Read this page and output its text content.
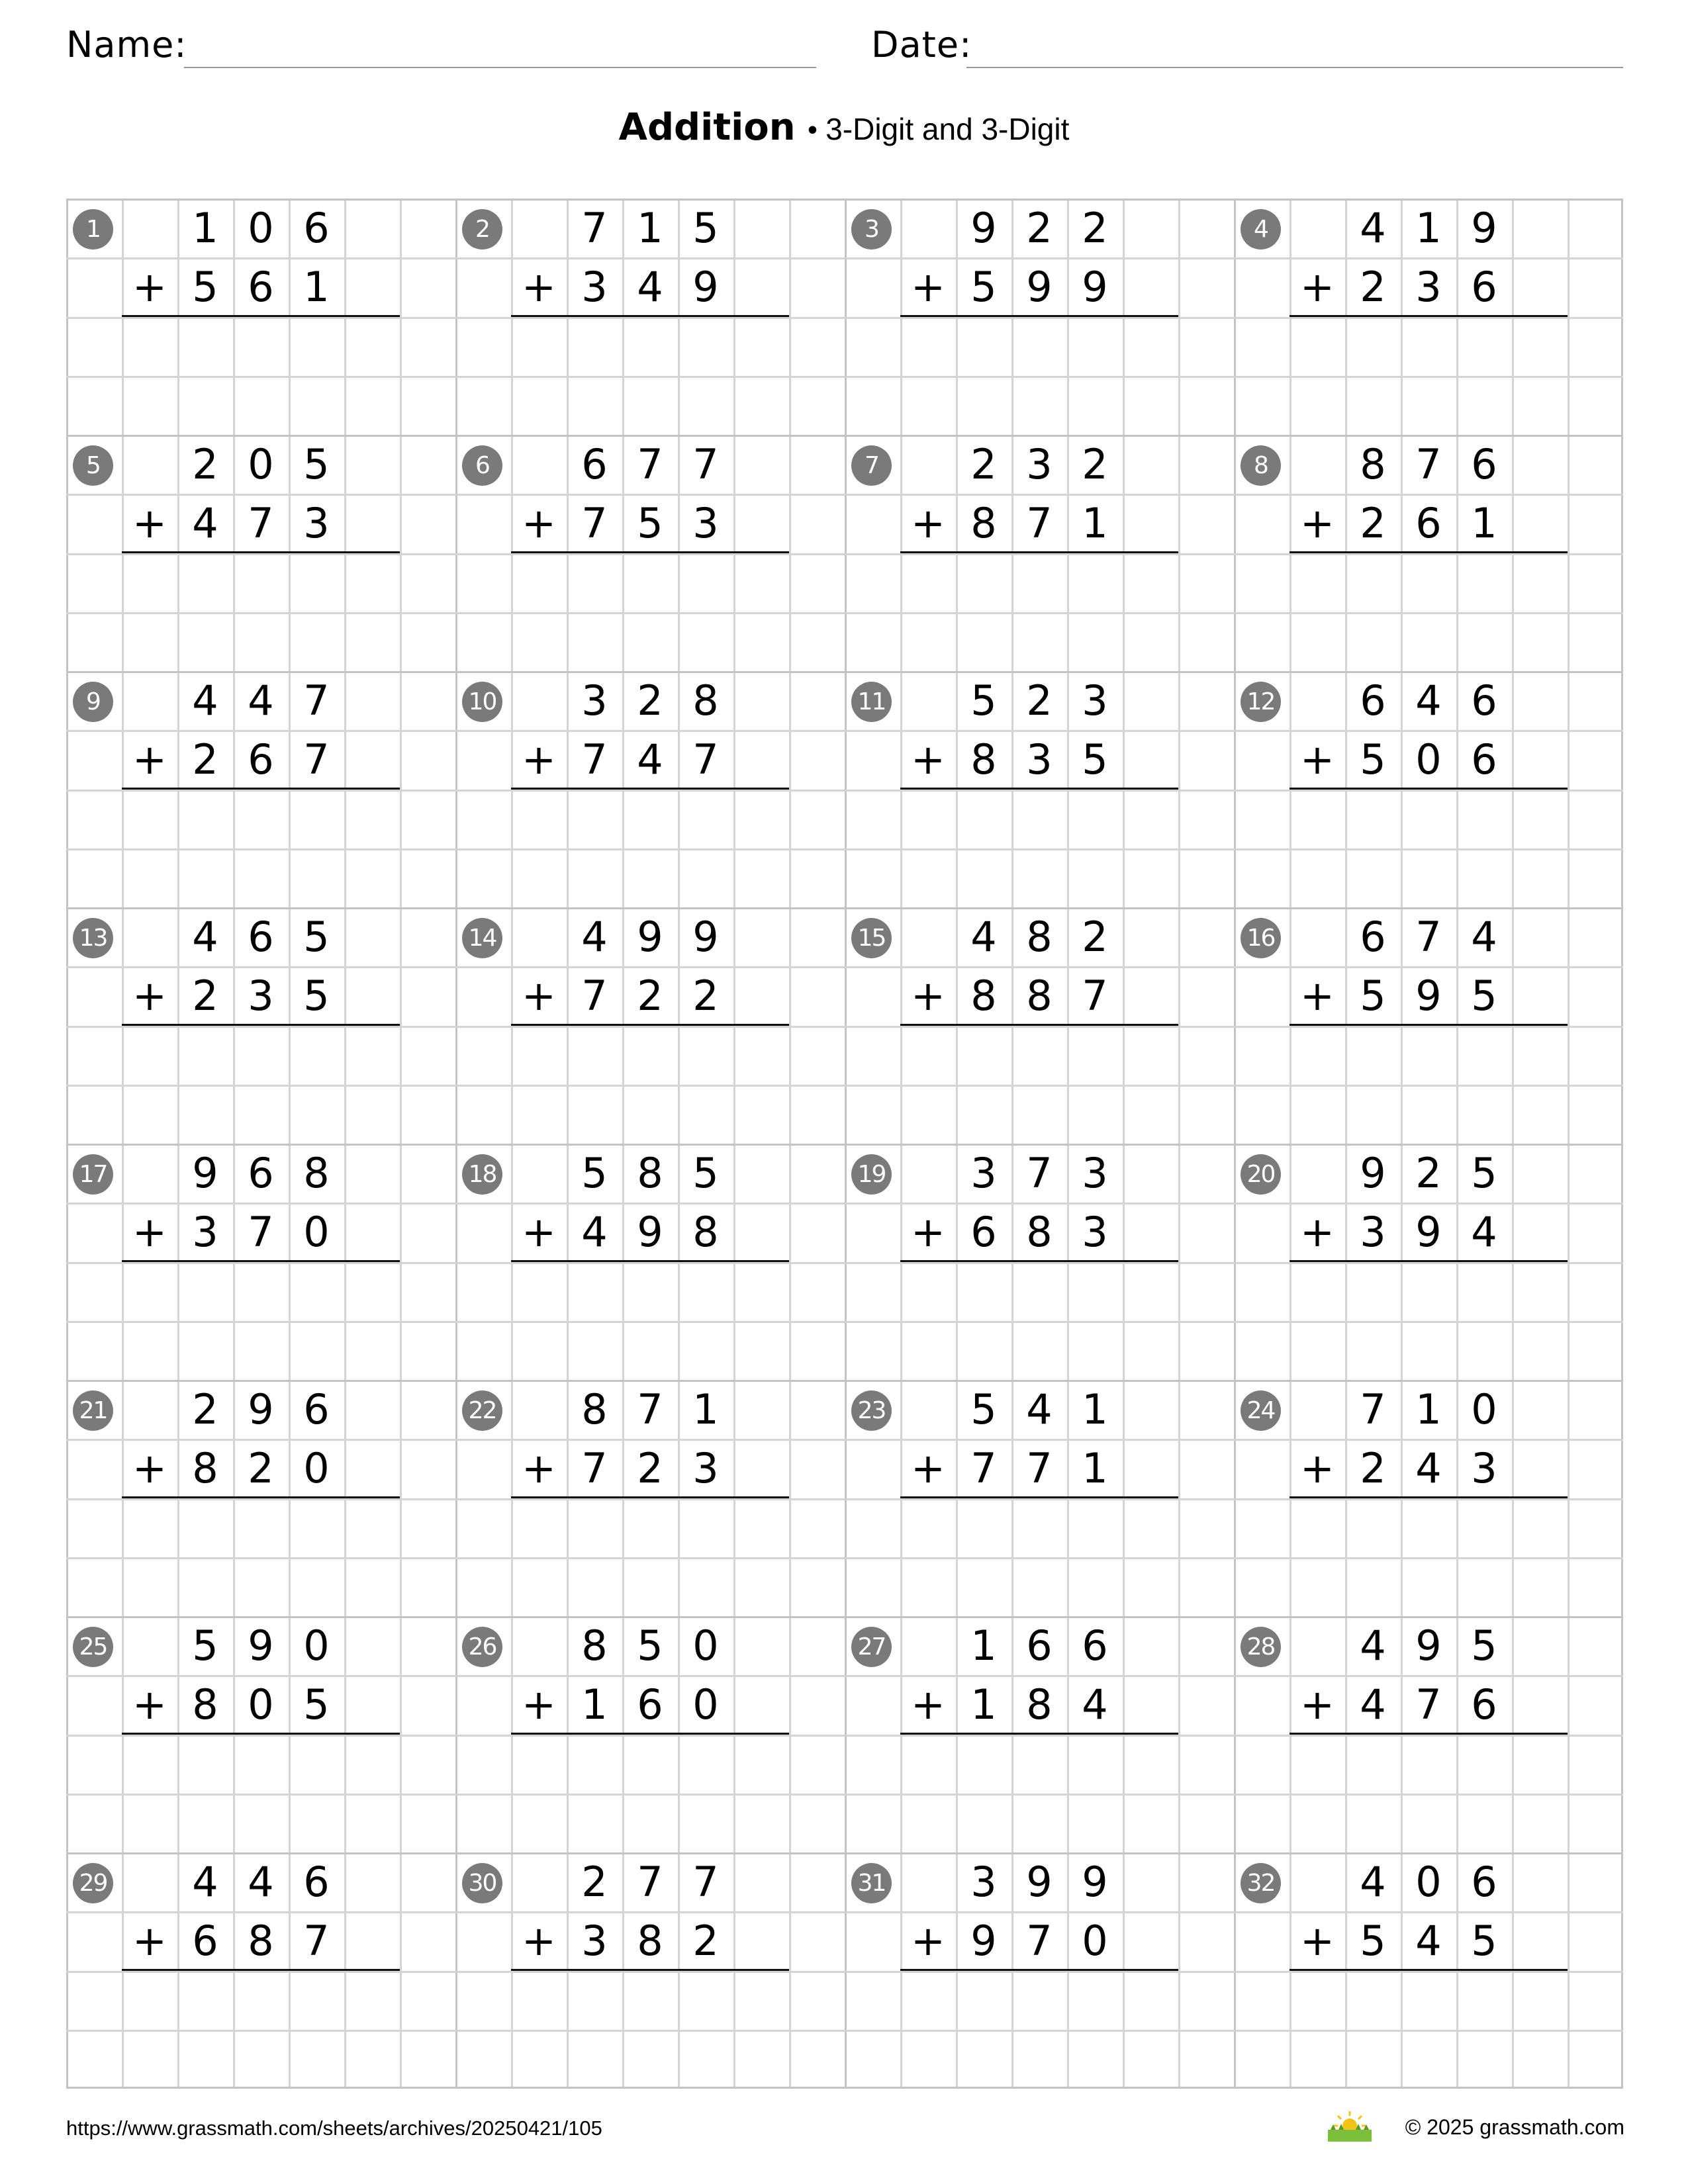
Name:	Date:
Addition • 3-Digit and 3-Digit
1	1 0 6
5 6 1
+
2	7 1 5
3 4 9
+
3	9 2 2
5 9 9
+
4	4 1 9
2 3 6
+
5	2 0 5
4 7 3
+
6	6 7 7
7 5 3
+
7	2 3 2
8 7 1
+
8	8 7 6
2 6 1
+
9	4 4 7
2 6 7
+
10	3 2 8
7 4 7
+
11	5 2 3
8 3 5
+
12	6 4 6
5 0 6
+
13	4 6 5
2 3 5
+
14	4 9 9
7 2 2
+
15	4 8 2
8 8 7
+
16	6 7 4
5 9 5
+
17	9 6 8
3 7 0
+
18	5 8 5
4 9 8
+
19	3 7 3
6 8 3
+
20	9 2 5
3 9 4
+
21	2 9 6
8 2 0
+
22	8 7 1
7 2 3
+
23	5 4 1
7 7 1
+
24	7 1 0
2 4 3
+
25	5 9 0
8 0 5
+
26	8 5 0
1 6 0
+
27	1 6 6
1 8 4
+
28	4 9 5
4 7 6
+
29	4 4 6
6 8 7
+
30	2 7 7
3 8 2
+
31	3 9 9
9 7 0
+
32	4 0 6
5 4 5
+
https://www.grassmath.com/sheets/archives/20250421/105	© 2025 grassmath.com
